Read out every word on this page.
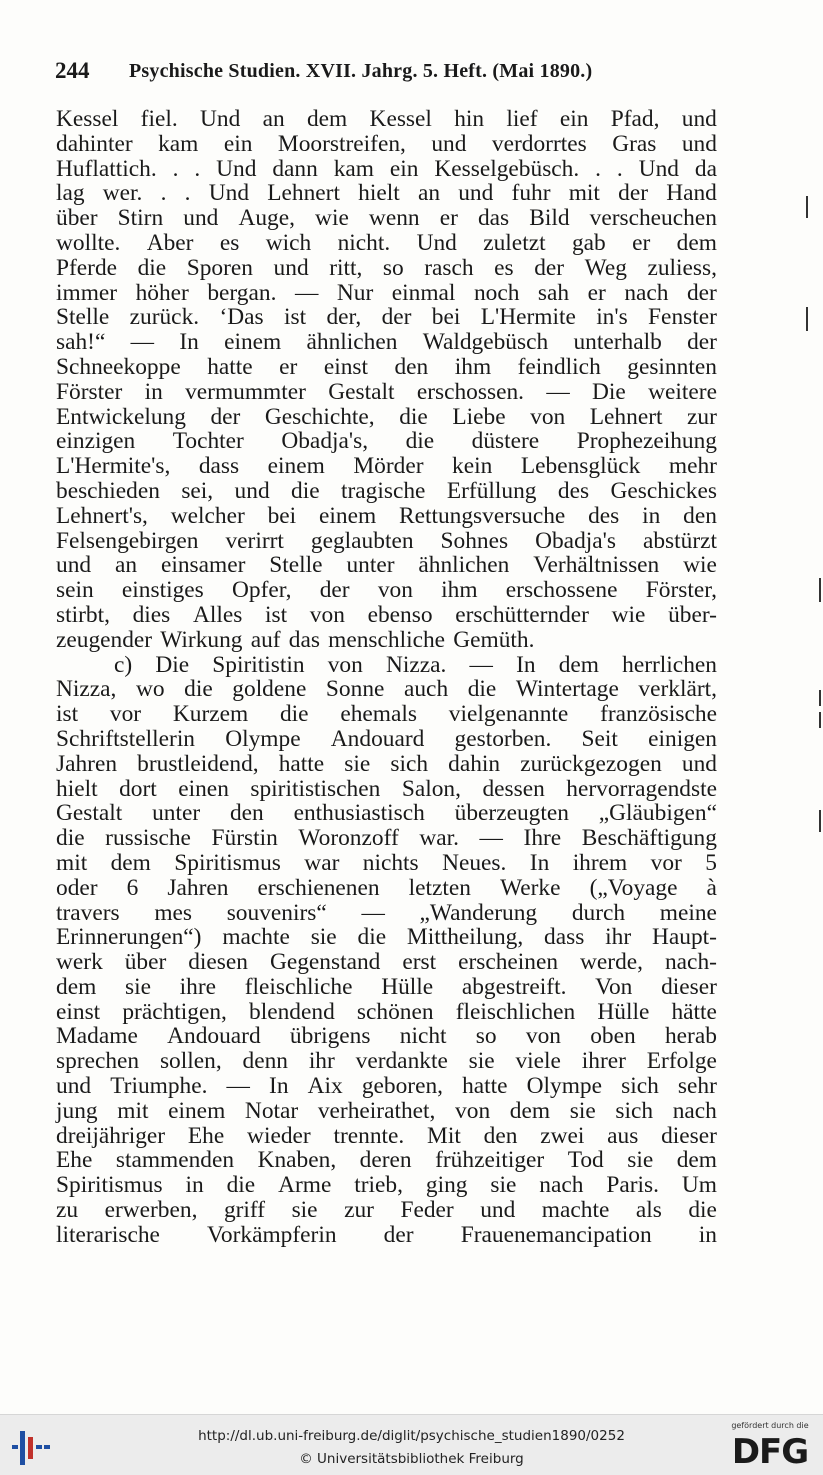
244 Psychische Studien. XVII. Jahrg. 5. Heft. (Mai 1890.)
Kessel fiel. Und an dem Kessel hin lief ein Pfad, und
dahinter kam ein Moorstreifen, und verdorrtes Gras und
Huflattich. . . Und dann kam ein Kesselgebüsch. . . Und da
lag wer. . . Und Lehnert hielt an und fuhr mit der Hand
über Stirn und Auge, wie wenn er das Bild verscheuchen
wollte. Aber es wich nicht. Und zuletzt gab er dem
Pferde die Sporen und ritt, so rasch es der Weg zuliess,
immer höher bergan. — Nur einmal noch sah er nach der
Stelle zurück. ‘Das ist der, der bei L'Hermite in's Fenster
sah!“ — In einem ähnlichen Waldgebüsch unterhalb der
Schneekoppe hatte er einst den ihm feindlich gesinnten
Förster in vermummter Gestalt erschossen. — Die weitere
Entwickelung der Geschichte, die Liebe von Lehnert zur
einzigen Tochter Obadja's, die düstere Prophezeihung
L'Hermite's, dass einem Mörder kein Lebensglück mehr
beschieden sei, und die tragische Erfüllung des Geschickes
Lehnert's, welcher bei einem Rettungsversuche des in den
Felsengebirgen verirrt geglaubten Sohnes Obadja's abstürzt
und an einsamer Stelle unter ähnlichen Verhältnissen wie
sein einstiges Opfer, der von ihm erschossene Förster,
stirbt, dies Alles ist von ebenso erschütternder wie über-
zeugender Wirkung auf das menschliche Gemüth.
c) Die Spiritistin von Nizza. — In dem herrlichen
Nizza, wo die goldene Sonne auch die Wintertage verklärt,
ist vor Kurzem die ehemals vielgenannte französische
Schriftstellerin Olympe Andouard gestorben. Seit einigen
Jahren brustleidend, hatte sie sich dahin zurückgezogen und
hielt dort einen spiritistischen Salon, dessen hervorragendste
Gestalt unter den enthusiastisch überzeugten „Gläubigen“
die russische Fürstin Woronzoff war. — Ihre Beschäftigung
mit dem Spiritismus war nichts Neues. In ihrem vor 5
oder 6 Jahren erschienenen letzten Werke („Voyage à
travers mes souvenirs“ — „Wanderung durch meine
Erinnerungen“) machte sie die Mittheilung, dass ihr Haupt-
werk über diesen Gegenstand erst erscheinen werde, nach-
dem sie ihre fleischliche Hülle abgestreift. Von dieser
einst prächtigen, blendend schönen fleischlichen Hülle hätte
Madame Andouard übrigens nicht so von oben herab
sprechen sollen, denn ihr verdankte sie viele ihrer Erfolge
und Triumphe. — In Aix geboren, hatte Olympe sich sehr
jung mit einem Notar verheirathet, von dem sie sich nach
dreijähriger Ehe wieder trennte. Mit den zwei aus dieser
Ehe stammenden Knaben, deren frühzeitiger Tod sie dem
Spiritismus in die Arme trieb, ging sie nach Paris. Um
zu erwerben, griff sie zur Feder und machte als die
literarische Vorkämpferin der Frauenemancipation in
http://dl.ub.uni-freiburg.de/diglit/psychische_studien1890/0252
© Universitätsbibliothek Freiburg
gefördert durch die
DFG
